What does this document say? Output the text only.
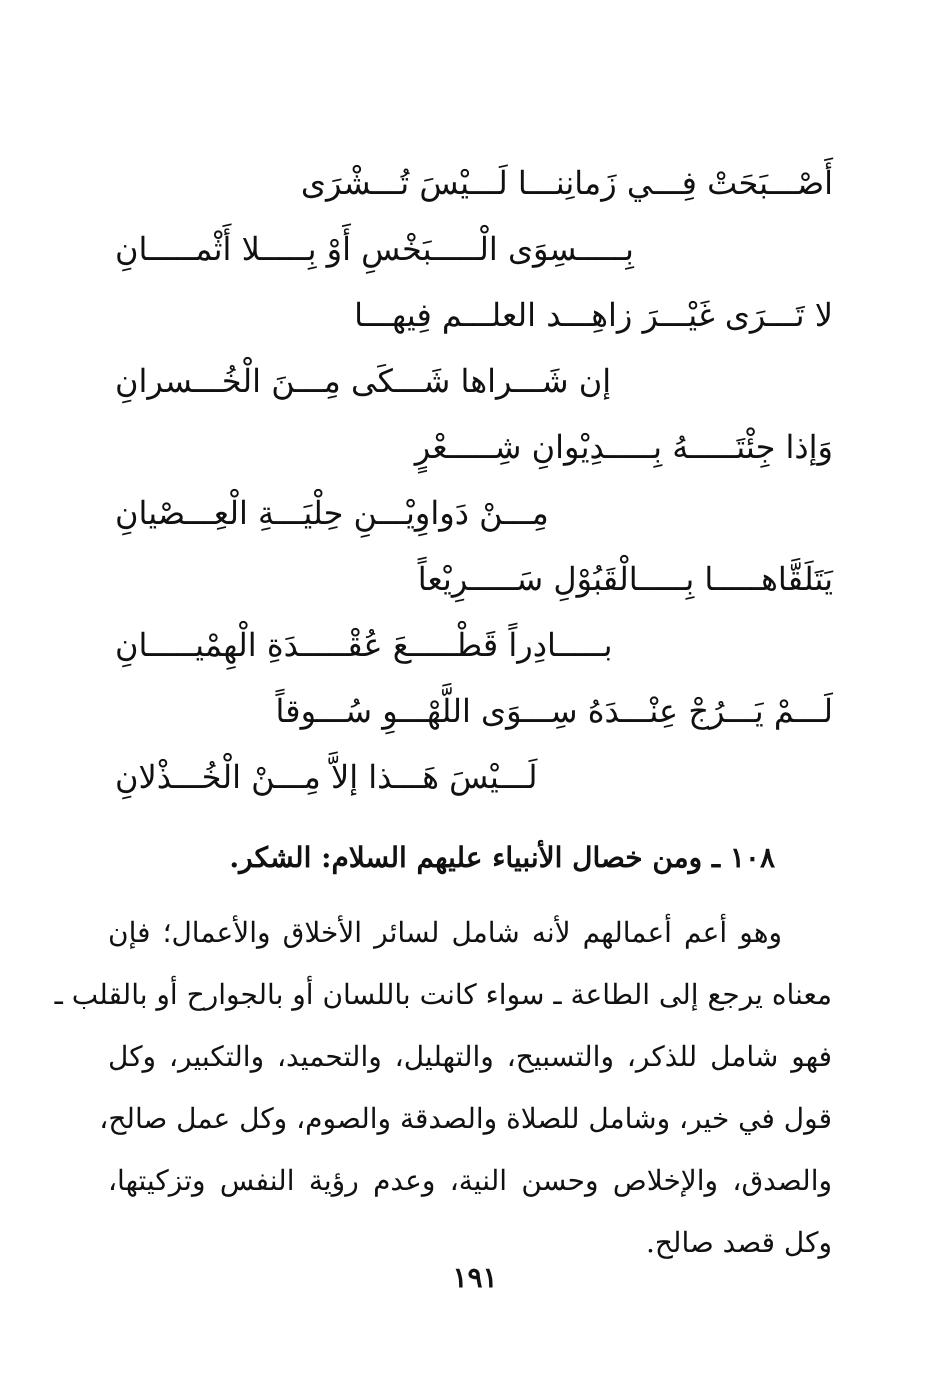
أَصْـــبَحَتْ فِـــي زَمانِنـــا لَـــيْسَ تُـــشْرَى
بِـــــسِوَى الْـــــبَخْسِ أَوْ بِـــــلا أَثْمـــــانِ
لا تَـــرَى غَيْـــرَ زاهِـــد العلـــم فِيهـــا
إن شَـــراها شَـــكَى مِـــنَ الْخُـــسرانِ
وَإذا جِئْتَـــــهُ بِـــــدِيْوانِ شِـــــعْرٍ
مِـــنْ دَواوِيْـــنِ حِلْيَـــةِ الْعِـــصْيانِ
يَتَلَقَّاهـــــا بِـــــالْقَبُوْلِ سَـــــرِيْعاً
بـــــادِراً قَطْـــــعَ عُقْـــــدَةِ الْهِمْيـــــانِ
لَـــمْ يَـــرُجْ عِنْـــدَهُ سِـــوَى اللَّهْـــوِ سُـــوقاً
لَـــيْسَ هَـــذا إلاَّ مِـــنْ الْخُـــذْلانِ
١٠٨ ـ ومن خصال الأنبياء عليهم السلام: الشكر.
وهو أعم أعمالهم لأنه شامل لسائر الأخلاق والأعمال؛ فإن
معناه يرجع إلى الطاعة ـ سواء كانت باللسان أو بالجوارح أو بالقلب ـ
فهو شامل للذكر، والتسبيح، والتهليل، والتحميد، والتكبير، وكل
قول في خير، وشامل للصلاة والصدقة والصوم، وكل عمل صالح،
والصدق، والإخلاص وحسن النية، وعدم رؤية النفس وتزكيتها،
وكل قصد صالح.
١٩١
